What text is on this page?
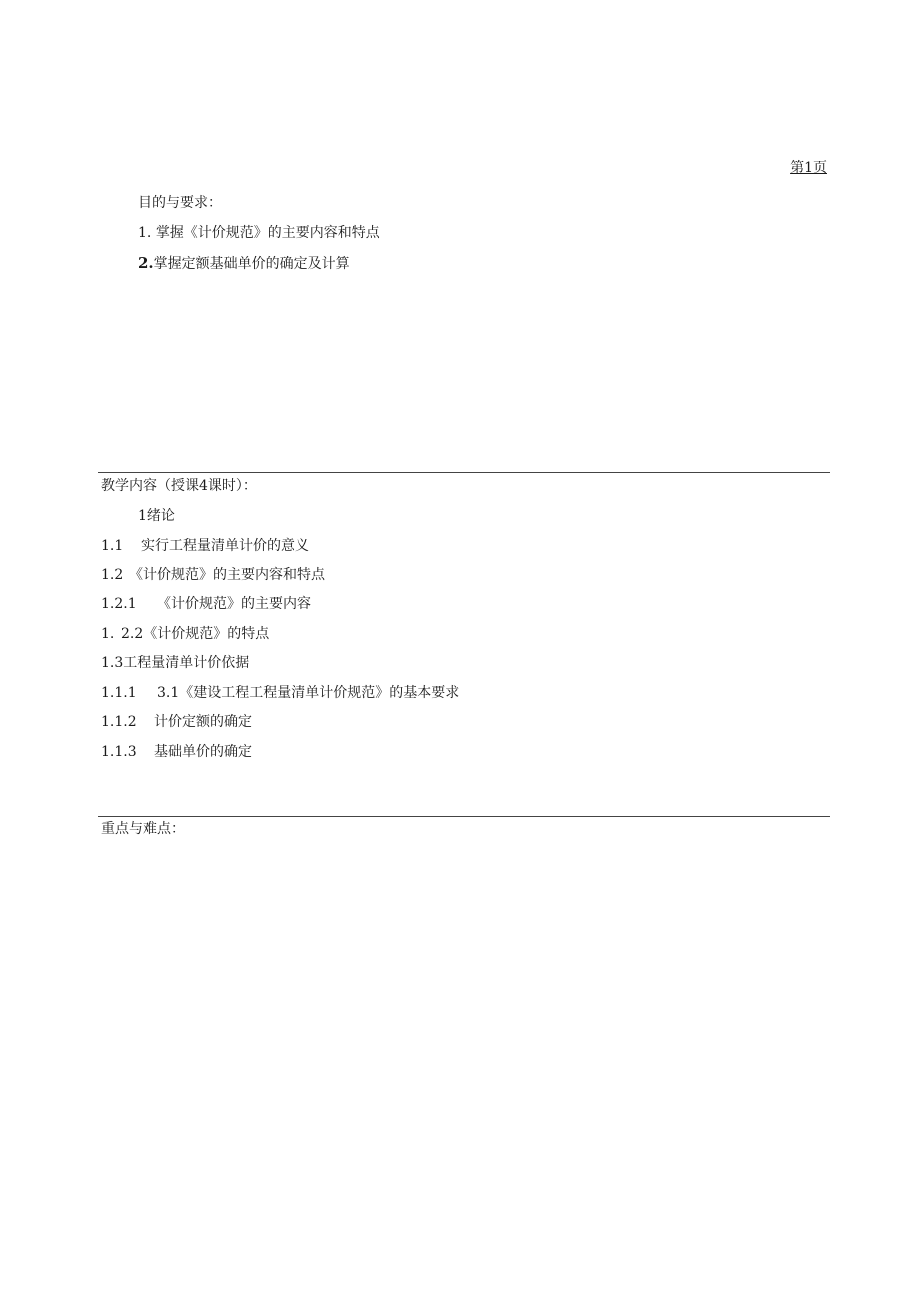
第1页
目的与要求：
1. 掌握《计价规范》的主要内容和特点
2.掌握定额基础单价的确定及计算
教学内容（授课4课时）：
1绪论
1.1 实行工程量清单计价的意义
1.2 《计价规范》的主要内容和特点
1.2.1 《计价规范》的主要内容
1. 2.2《计价规范》的特点
1.3工程量清单计价依据
1.1.1 3.1《建设工程工程量清单计价规范》的基本要求
1.1.2 计价定额的确定
1.1.3 基础单价的确定
重点与难点：
